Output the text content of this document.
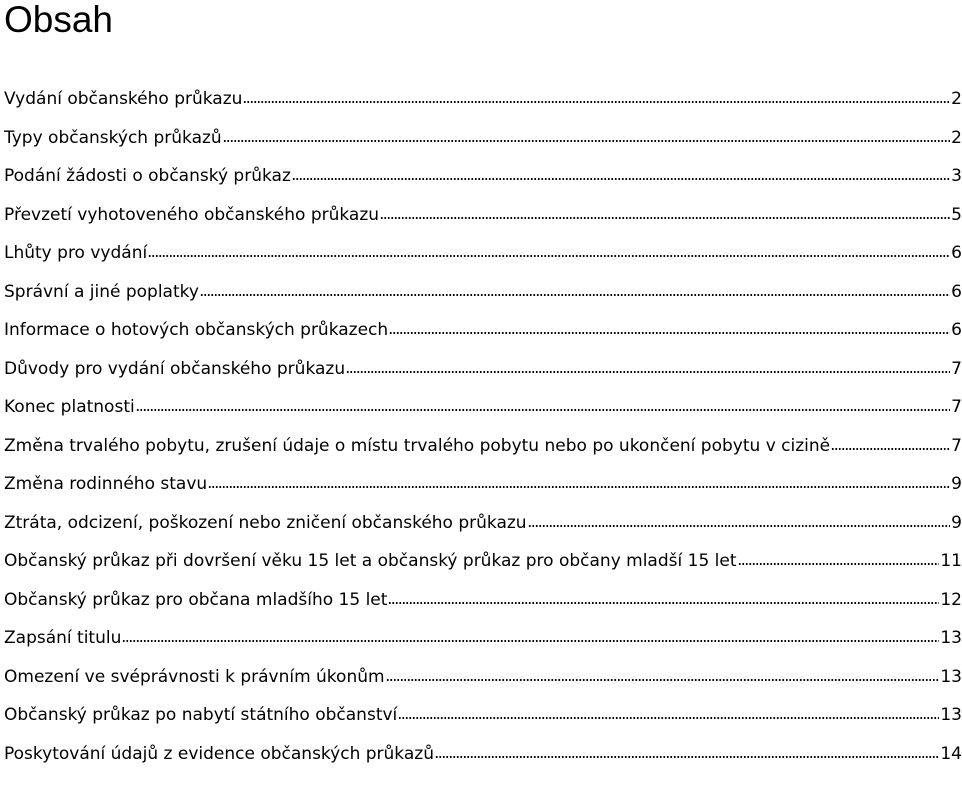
Obsah
Vydání občanského průkazu	2
Typy občanských průkazů	2
Podání žádosti o občanský průkaz	3
Převzetí vyhotoveného občanského průkazu	5
Lhůty pro vydání	6
Správní a jiné poplatky	6
Informace o hotových občanských průkazech	6
Důvody pro vydání občanského průkazu	7
Konec platnosti	7
Změna trvalého pobytu, zrušení údaje o místu trvalého pobytu nebo po ukončení pobytu v cizině	7
Změna rodinného stavu	9
Ztráta, odcizení, poškození nebo zničení občanského průkazu	9
Občanský průkaz při dovršení věku 15 let a občanský průkaz pro občany mladší 15 let	11
Občanský průkaz pro občana mladšího 15 let	12
Zapsání titulu	13
Omezení ve svéprávnosti k právním úkonům	13
Občanský průkaz po nabytí státního občanství	13
Poskytování údajů z evidence občanských průkazů	14
